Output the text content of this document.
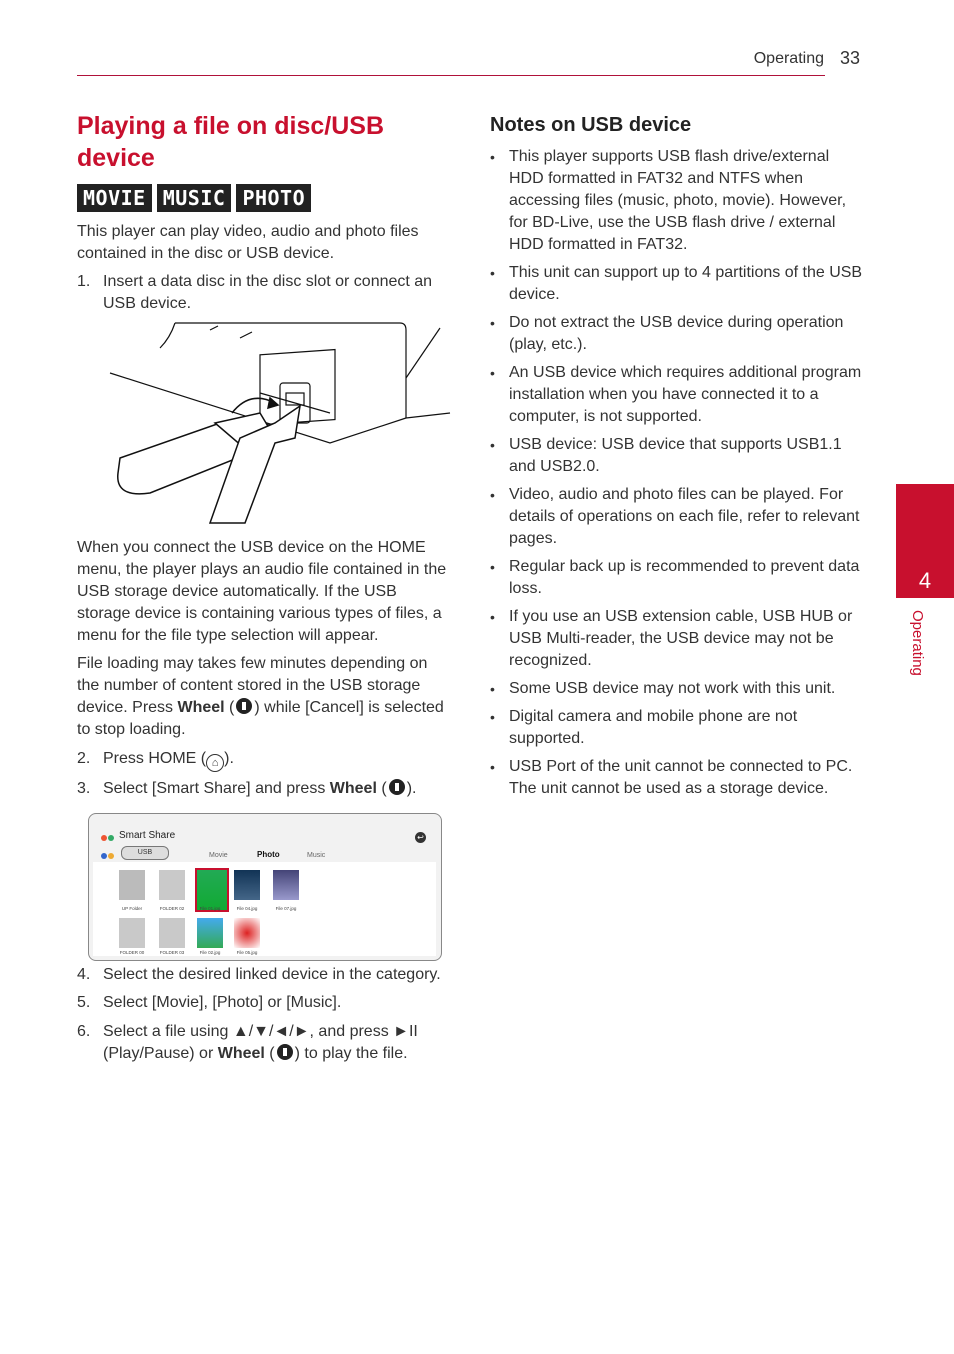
Operating 33
Playing a file on disc/USB device
MOVIE MUSIC PHOTO
This player can play video, audio and photo files contained in the disc or USB device.
1. Insert a data disc in the disc slot or connect an USB device.
When you connect the USB device on the HOME menu, the player plays an audio file contained in the USB storage device automatically. If the USB storage device is containing various types of files, a menu for the file type selection will appear.
File loading may takes few minutes depending on the number of content stored in the USB storage device. Press Wheel ( ) while [Cancel] is selected to stop loading.
2. Press HOME ( ⌂ ).
3. Select [Smart Share] and press Wheel ( ).

Smart Share
USB	Movie	Photo	Music
↩
UP Folder	FOLDER 02	File 01.jpg	File 04.jpg	File 07.jpg
FOLDER 00	FOLDER 03	File 02.jpg	File 05.jpg
4. Select the desired linked device in the category.
5. Select [Movie], [Photo] or [Music].
6. Select a file using ▲/▼/◄/►, and press ►II (Play/Pause) or Wheel ( ) to play the file.
Notes on USB device
• This player supports USB flash drive/external HDD formatted in FAT32 and NTFS when accessing files (music, photo, movie). However, for BD-Live, use the USB flash drive / external HDD formatted in FAT32.
• This unit can support up to 4 partitions of the USB device.
• Do not extract the USB device during operation (play, etc.).
• An USB device which requires additional program installation when you have connected it to a computer, is not supported.
• USB device: USB device that supports USB1.1 and USB2.0.
• Video, audio and photo files can be played. For details of operations on each file, refer to relevant pages.
• Regular back up is recommended to prevent data loss.
• If you use an USB extension cable, USB HUB or USB Multi-reader, the USB device may not be recognized.
• Some USB device may not work with this unit.
• Digital camera and mobile phone are not supported.
• USB Port of the unit cannot be connected to PC. The unit cannot be used as a storage device.
4
Operating
